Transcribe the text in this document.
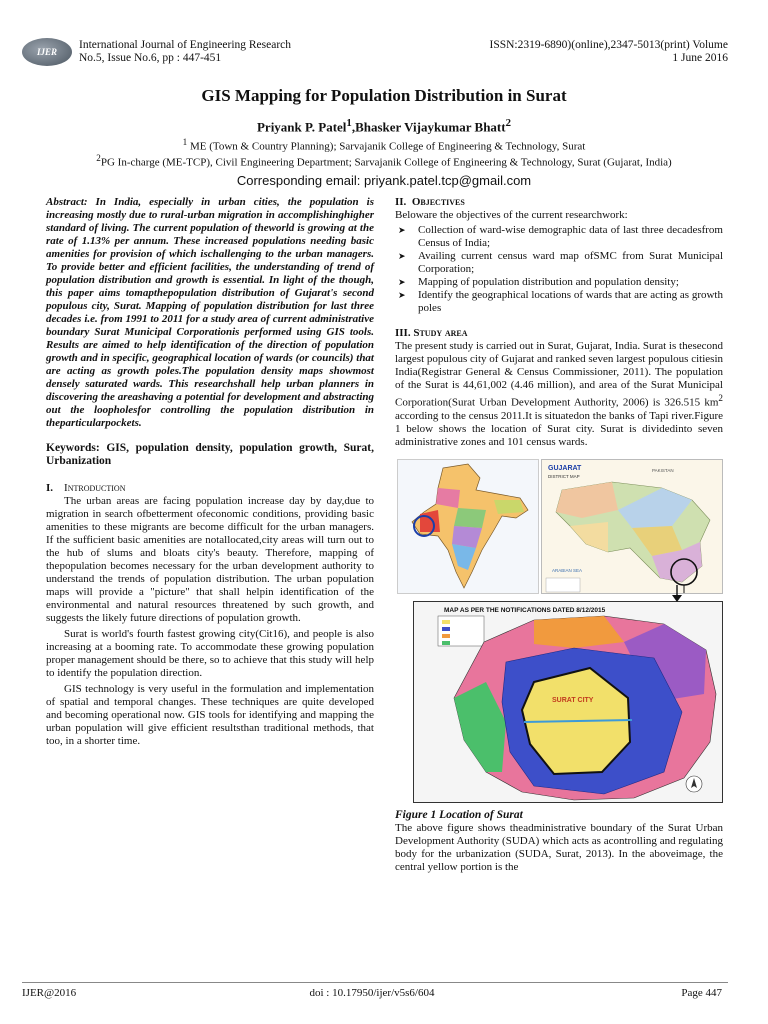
IJER
International Journal of Engineering Research
No.5, Issue No.6, pp : 447-451
ISSN:2319-6890)(online),2347-5013(print) Volume
1 June 2016
GIS Mapping for Population Distribution in Surat
Priyank P. Patel$^1$,Bhasker Vijaykumar Bhatt$^2$
$^1$ ME (Town & Country Planning); Sarvajanik College of Engineering & Technology, Surat
$^2$PG In-charge (ME-TCP), Civil Engineering Department; Sarvajanik College of Engineering & Technology, Surat (Gujarat, India)
Corresponding email: priyank.patel.tcp@gmail.com

Abstract: In India, especially in urban cities, the population is increasing mostly due to rural-urban migration in accomplishinghigher standard of living. The current population of theworld is growing at the rate of 1.13% per annum. These increased populations needing basic amenities for provision of which ischallenging to the urban managers. To provide better and efficient facilities, the understanding of trend of population distribution and growth is essential. In light of the though, this paper aims tomapthepopulation distribution of Gujarat's second populous city, Surat. Mapping of population distribution for last three decades i.e. from 1991 to 2011 for a study area of current administrative boundary Surat Municipal Corporationis performed using GIS tools. Results are aimed to help identification of the direction of population growth and in specific, geographical location of wards (or councils) that are acting as growth poles.The population density maps showmost densely saturated wards. This researchshall help urban planners in discovering the areashaving a potential for development and abstracting out the loopholesfor controlling the population distribution in theparticularpockets.

Keywords: GIS, population density, population growth, Surat, Urbanization

I. Introduction

The urban areas are facing population increase day by day,due to migration in search ofbetterment ofeconomic conditions, providing basic amenities to these migrants are become difficult for the urban managers. If the sufficient basic amenities are notallocated,city areas will turn out to the hub of slums and bloats city's beauty. Therefore, mapping of thepopulation becomes necessary for the urban development authority to understand the trends of population distribution. The urban population maps will provide a "picture" that shall helpin identification of the environmental and natural resources threatened by such growth, and suggests the likely future directions of population growth.

Surat is world's fourth fastest growing city(Cit16), and people is also increasing at a booming rate. To accommodate these growing population proper management should be there, so to achieve that this study will help to identify the population direction.

GIS technology is very useful in the formulation and implementation of spatial and temporal changes. These techniques are quite developed and becoming operational now. GIS tools for identifying and mapping the urban population will give efficient resultsthan traditional methods, that too, in a shorter time.

II. Objectives

Beloware the objectives of the current researchwork:

➤ Collection of ward-wise demographic data of last three decadesfrom Census of India;
➤ Availing current census ward map ofSMC from Surat Municipal Corporation;
➤ Mapping of population distribution and population density;
➤ Identify the geographical locations of wards that are acting as growth poles

III. Study area

The present study is carried out in Surat, Gujarat, India. Surat is thesecond largest populous city of Gujarat and ranked seven largest populous citiesin India(Registrar General & Census Commissioner, 2011). The population of the Surat is 44,61,002 (4.46 million), and area of the Surat Municipal Corporation(Surat Urban Development Authority, 2006) is 326.515 $km^2$ according to the census 2011.It is situatedon the banks of Tapi river.Figure 1 below shows the location of Surat city. Surat is dividedinto seven administrative zones and 101 census wards.

GUJARAT
DISTRICT MAP
PAKISTAN
ARABIAN SEA
MAP AS PER THE NOTIFICATIONS DATED 8/12/2015
SURAT CITY

Figure 1 Location of Surat

The above figure shows theadministrative boundary of the Surat Urban Development Authority (SUDA) which acts as acontrolling and regulating body for the urbanization (SUDA, Surat, 2013). In the aboveimage, the central yellow portion is the

IJER@2016	doi : 10.17950/ijer/v5s6/604	Page 447
